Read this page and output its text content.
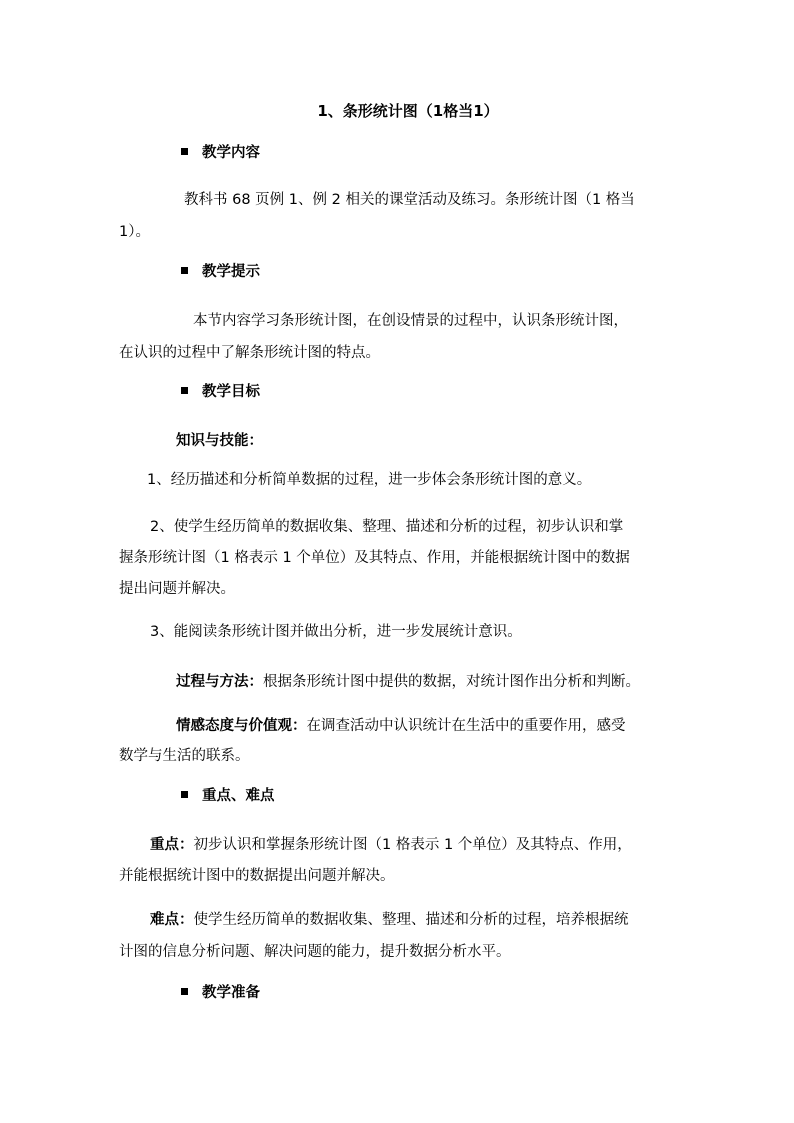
1、条形统计图（1格当1）
教学内容
教科书 68 页例 1、例 2 相关的课堂活动及练习。条形统计图（1 格当
1）。
教学提示
本节内容学习条形统计图，在创设情景的过程中，认识条形统计图，
在认识的过程中了解条形统计图的特点。
教学目标
知识与技能：
1、经历描述和分析简单数据的过程，进一步体会条形统计图的意义。
2、使学生经历简单的数据收集、整理、描述和分析的过程，初步认识和掌
握条形统计图（1 格表示 1 个单位）及其特点、作用，并能根据统计图中的数据
提出问题并解决。
3、能阅读条形统计图并做出分析，进一步发展统计意识。
过程与方法：根据条形统计图中提供的数据，对统计图作出分析和判断。
情感态度与价值观：在调查活动中认识统计在生活中的重要作用，感受
数学与生活的联系。
重点、难点
重点：初步认识和掌握条形统计图（1 格表示 1 个单位）及其特点、作用，
并能根据统计图中的数据提出问题并解决。
难点：使学生经历简单的数据收集、整理、描述和分析的过程，培养根据统
计图的信息分析问题、解决问题的能力，提升数据分析水平。
教学准备
